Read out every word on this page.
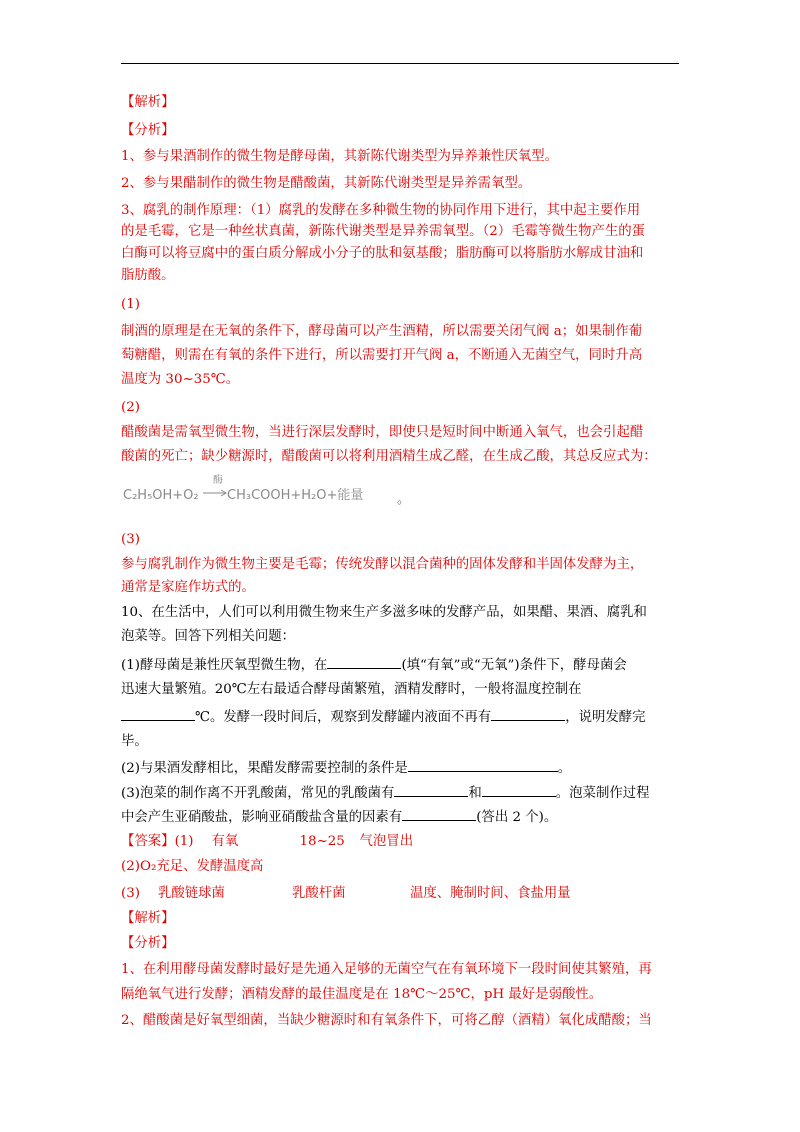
【解析】
【分析】
1、参与果酒制作的微生物是酵母菌，其新陈代谢类型为异养兼性厌氧型。
2、参与果醋制作的微生物是醋酸菌，其新陈代谢类型是异养需氧型。
3、腐乳的制作原理：（1）腐乳的发酵在多种微生物的协同作用下进行，其中起主要作用
的是毛霉，它是一种丝状真菌，新陈代谢类型是异养需氧型。（2）毛霉等微生物产生的蛋
白酶可以将豆腐中的蛋白质分解成小分子的肽和氨基酸；脂肪酶可以将脂肪水解成甘油和
脂肪酸。
(1)
制酒的原理是在无氧的条件下，酵母菌可以产生酒精，所以需要关闭气阀 a；如果制作葡
萄糖醋，则需在有氧的条件下进行，所以需要打开气阀 a，不断通入无菌空气，同时升高
温度为 30~35℃。
(2)
醋酸菌是需氧型微生物，当进行深层发酵时，即使只是短时间中断通入氧气，也会引起醋
酸菌的死亡；缺少糖源时，醋酸菌可以将利用酒精生成乙醛，在生成乙酸，其总反应式为：
C₂H₅OH+O₂
酶
CH₃COOH+H₂O+能量	。
(3)
参与腐乳制作为微生物主要是毛霉；传统发酵以混合菌种的固体发酵和半固体发酵为主，
通常是家庭作坊式的。
10、在生活中，人们可以利用微生物来生产多滋多味的发酵产品，如果醋、果酒、腐乳和
泡菜等。回答下列相关问题：
(1)酵母菌是兼性厌氧型微生物，在	(填“有氧”或“无氧”)条件下，酵母菌会
迅速大量繁殖。20℃左右最适合酵母菌繁殖，酒精发酵时，一般将温度控制在
℃。发酵一段时间后，观察到发酵罐内液面不再有	，说明发酵完
毕。
(2)与果酒发酵相比，果醋发酵需要控制的条件是	。
(3)泡菜的制作离不开乳酸菌，常见的乳酸菌有	和	。泡菜制作过程
中会产生亚硝酸盐，影响亚硝酸盐含量的因素有	(答出 2 个)。
【答案】(1) 有氧	18~25 气泡冒出
(2)O₂充足、发酵温度高
(3) 乳酸链球菌	乳酸杆菌	温度、腌制时间、食盐用量
【解析】
【分析】
1、在利用酵母菌发酵时最好是先通入足够的无菌空气在有氧环境下一段时间使其繁殖，再
隔绝氧气进行发酵；酒精发酵的最佳温度是在 18℃～25℃，pH 最好是弱酸性。
2、醋酸菌是好氧型细菌，当缺少糖源时和有氧条件下，可将乙醇（酒精）氧化成醋酸；当
